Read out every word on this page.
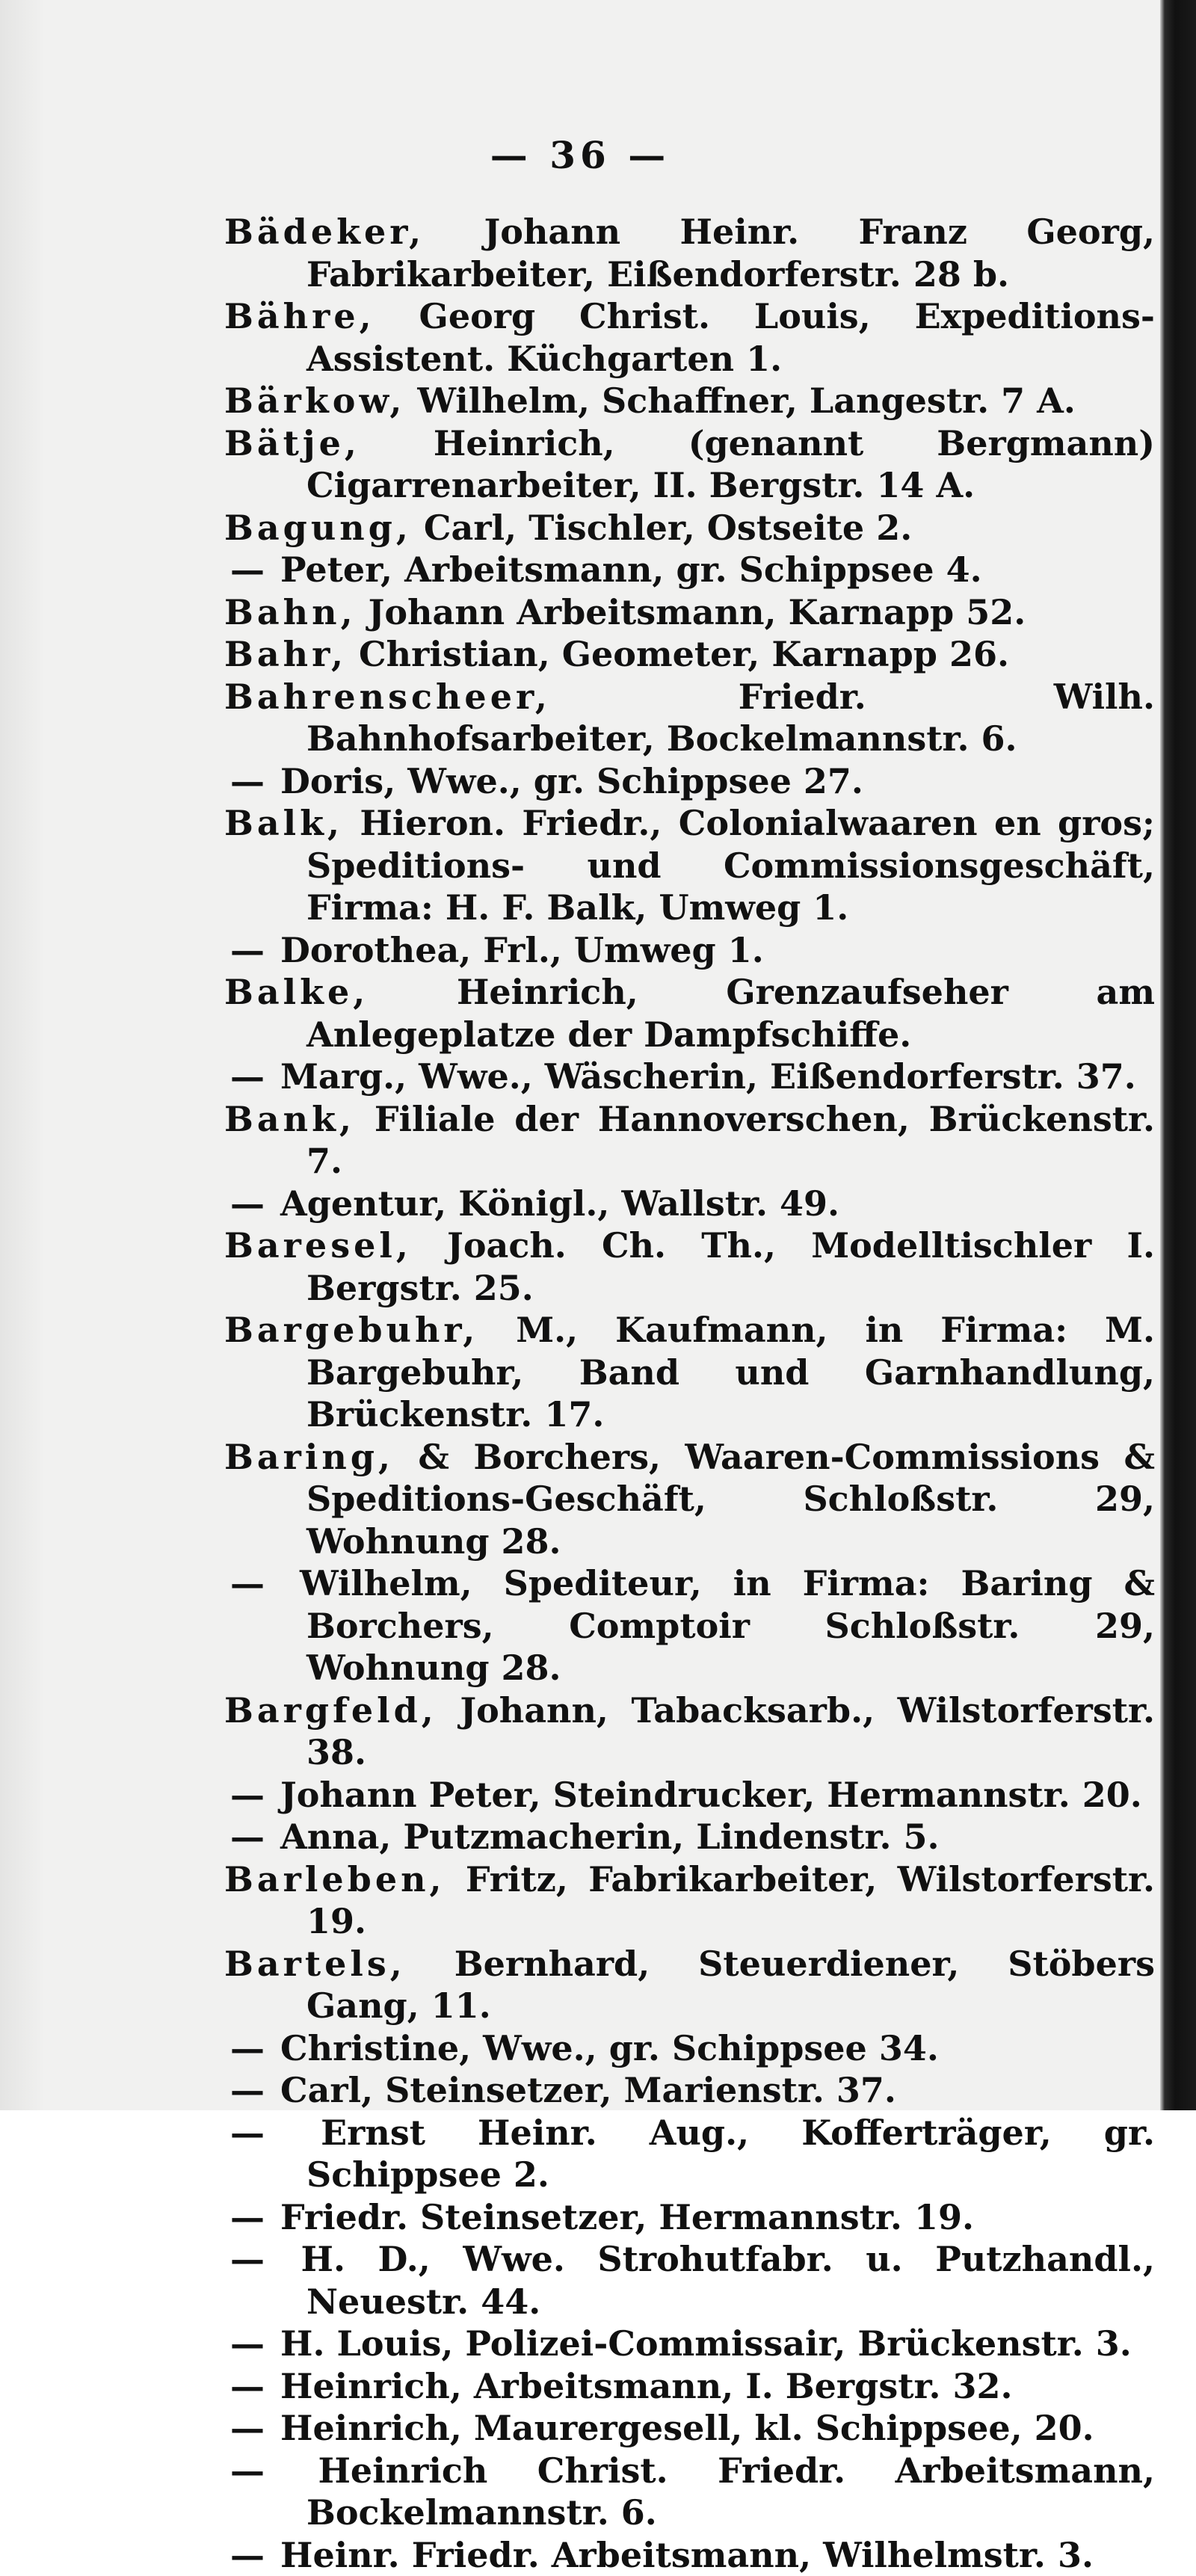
— 36 —
Bädeker, Johann Heinr. Franz Georg, Fabrikarbeiter, Eißendorferstr. 28 b.
Bähre, Georg Christ. Louis, Expeditions-Assistent. Küchgarten 1.
Bärkow, Wilhelm, Schaffner, Langestr. 7 A.
Bätje, Heinrich, (genannt Bergmann) Cigarrenarbeiter, II. Bergstr. 14 A.
Bagung, Carl, Tischler, Ostseite 2.
— Peter, Arbeitsmann, gr. Schippsee 4.
Bahn, Johann Arbeitsmann, Karnapp 52.
Bahr, Christian, Geometer, Karnapp 26.
Bahrenscheer, Friedr. Wilh. Bahnhofsarbeiter, Bockelmannstr. 6.
— Doris, Wwe., gr. Schippsee 27.
Balk, Hieron. Friedr., Colonialwaaren en gros; Speditions- und Commissionsgeschäft, Firma: H. F. Balk, Umweg 1.
— Dorothea, Frl., Umweg 1.
Balke, Heinrich, Grenzaufseher am Anlegeplatze der Dampfschiffe.
— Marg., Wwe., Wäscherin, Eißendorferstr. 37.
Bank, Filiale der Hannoverschen, Brückenstr. 7.
— Agentur, Königl., Wallstr. 49.
Baresel, Joach. Ch. Th., Modelltischler I. Bergstr. 25.
Bargebuhr, M., Kaufmann, in Firma: M. Bargebuhr, Band und Garnhandlung, Brückenstr. 17.
Baring, & Borchers, Waaren-Commissions & Speditions-Geschäft, Schloßstr. 29, Wohnung 28.
— Wilhelm, Spediteur, in Firma: Baring & Borchers, Comptoir Schloßstr. 29, Wohnung 28.
Bargfeld, Johann, Tabacksarb., Wilstorferstr. 38.
— Johann Peter, Steindrucker, Hermannstr. 20.
— Anna, Putzmacherin, Lindenstr. 5.
Barleben, Fritz, Fabrikarbeiter, Wilstorferstr. 19.
Bartels, Bernhard, Steuerdiener, Stöbers Gang, 11.
— Christine, Wwe., gr. Schippsee 34.
— Carl, Steinsetzer, Marienstr. 37.
— Ernst Heinr. Aug., Kofferträger, gr. Schippsee 2.
— Friedr. Steinsetzer, Hermannstr. 19.
— H. D., Wwe. Strohutfabr. u. Putzhandl., Neuestr. 44.
— H. Louis, Polizei-Commissair, Brückenstr. 3.
— Heinrich, Arbeitsmann, I. Bergstr. 32.
— Heinrich, Maurergesell, kl. Schippsee, 20.
— Heinrich Christ. Friedr. Arbeitsmann, Bockelmannstr. 6.
— Heinr. Friedr. Arbeitsmann, Wilhelmstr. 3.
